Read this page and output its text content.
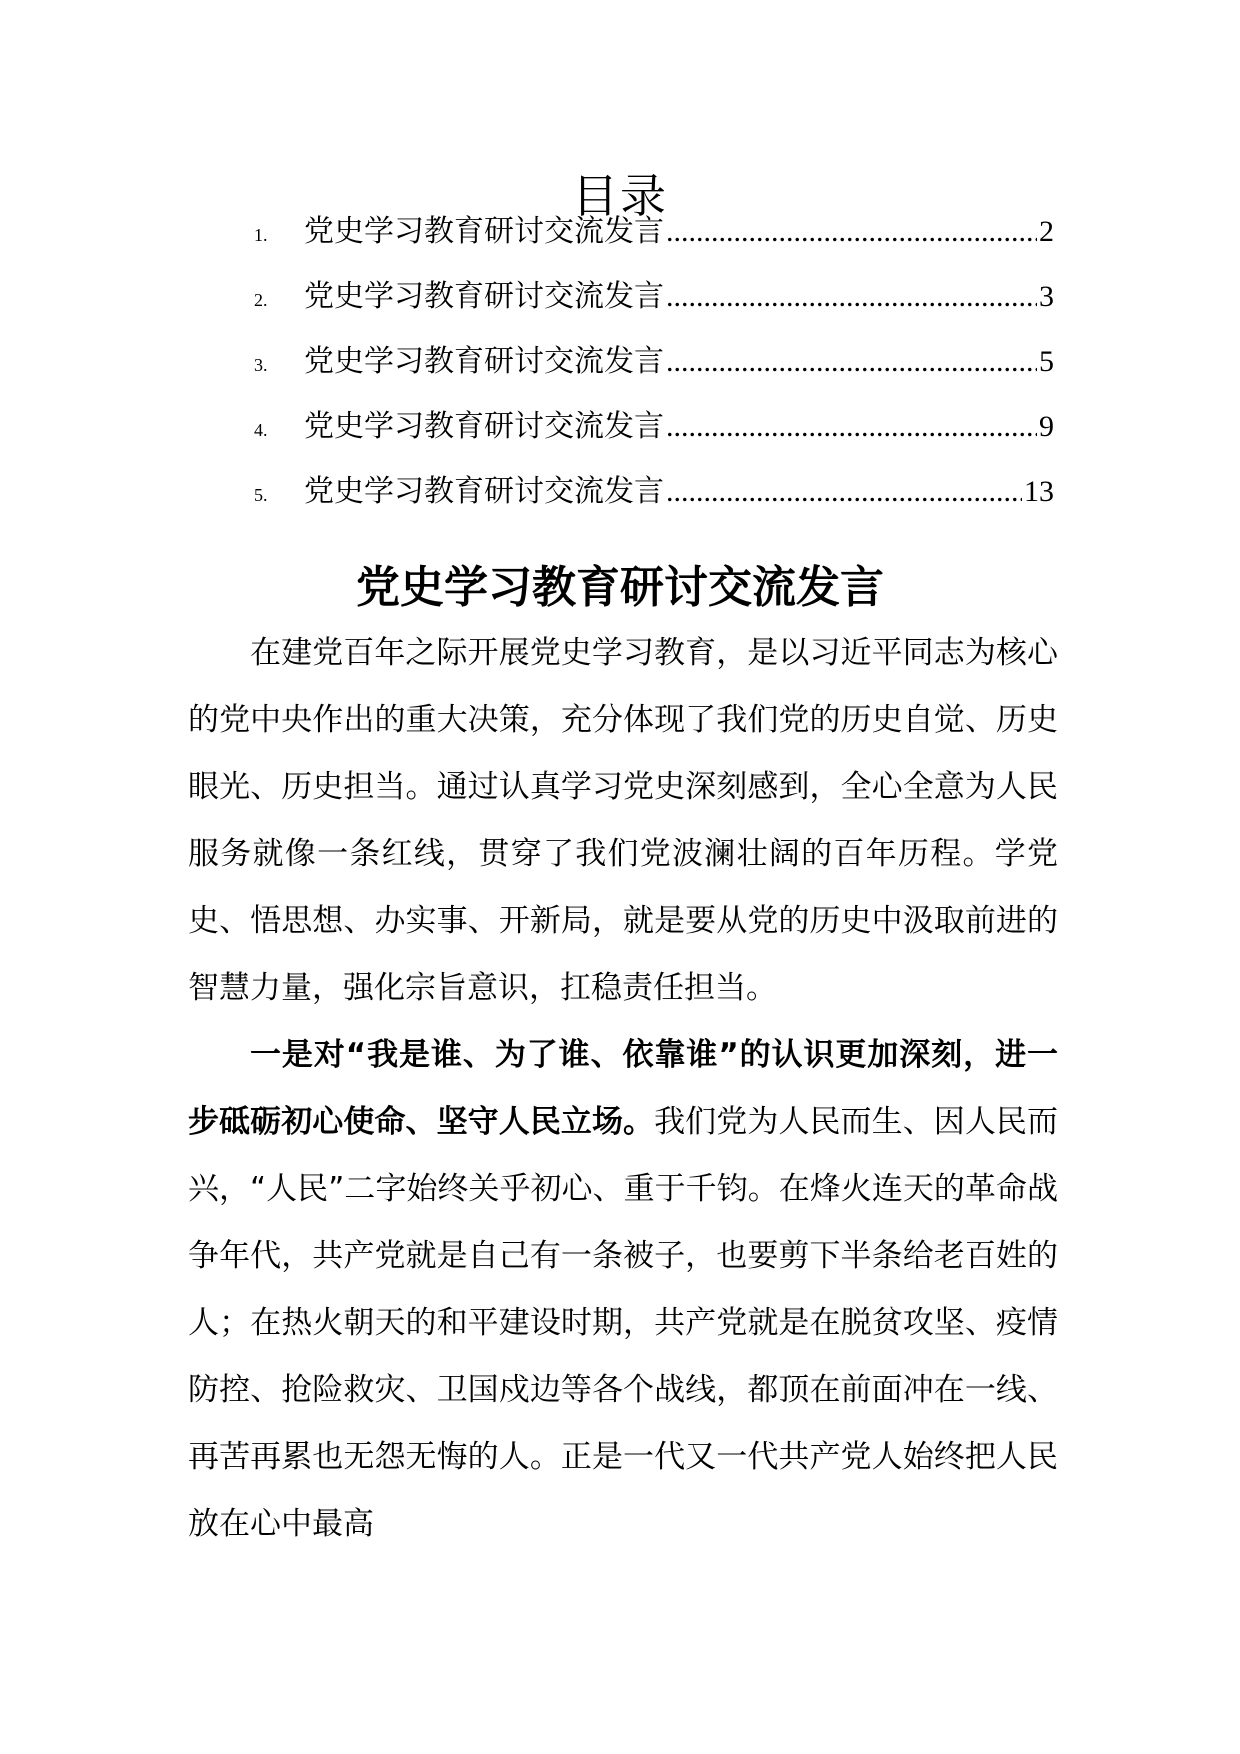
目录
1.	党史学习教育研讨交流发言 .....	2
2.	党史学习教育研讨交流发言 .....	3
3.	党史学习教育研讨交流发言 .....	5
4.	党史学习教育研讨交流发言 .....	9
5.	党史学习教育研讨交流发言 .....	13
党史学习教育研讨交流发言

在建党百年之际开展党史学习教育，是以习近平同志为核心的党中央作出的重大决策，充分体现了我们党的历史自觉、历史眼光、历史担当。通过认真学习党史深刻感到，全心全意为人民服务就像一条红线，贯穿了我们党波澜壮阔的百年历程。学党史、悟思想、办实事、开新局，就是要从党的历史中汲取前进的智慧力量，强化宗旨意识，扛稳责任担当。

一是对“我是谁、为了谁、依靠谁”的认识更加深刻，进一步砥砺初心使命、坚守人民立场。我们党为人民而生、因人民而兴，“人民”二字始终关乎初心、重于千钧。在烽火连天的革命战争年代，共产党就是自己有一条被子，也要剪下半条给老百姓的人；在热火朝天的和平建设时期，共产党就是在脱贫攻坚、疫情防控、抢险救灾、卫国戍边等各个战线，都顶在前面冲在一线、再苦再累也无怨无悔的人。正是一代又一代共产党人始终把人民放在心中最高
